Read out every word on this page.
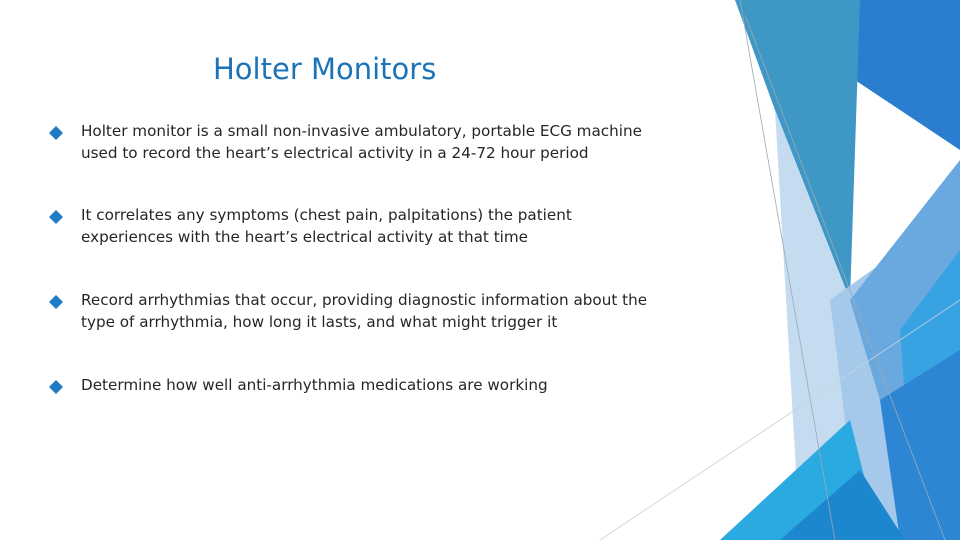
Holter Monitors
Holter monitor is a small non-invasive ambulatory, portable ECG machine
used to record the heart’s electrical activity in a 24-72 hour period
It correlates any symptoms (chest pain, palpitations) the patient
experiences with the heart’s electrical activity at that time
Record arrhythmias that occur, providing diagnostic information about the
type of arrhythmia, how long it lasts, and what might trigger it
Determine how well anti-arrhythmia medications are working
